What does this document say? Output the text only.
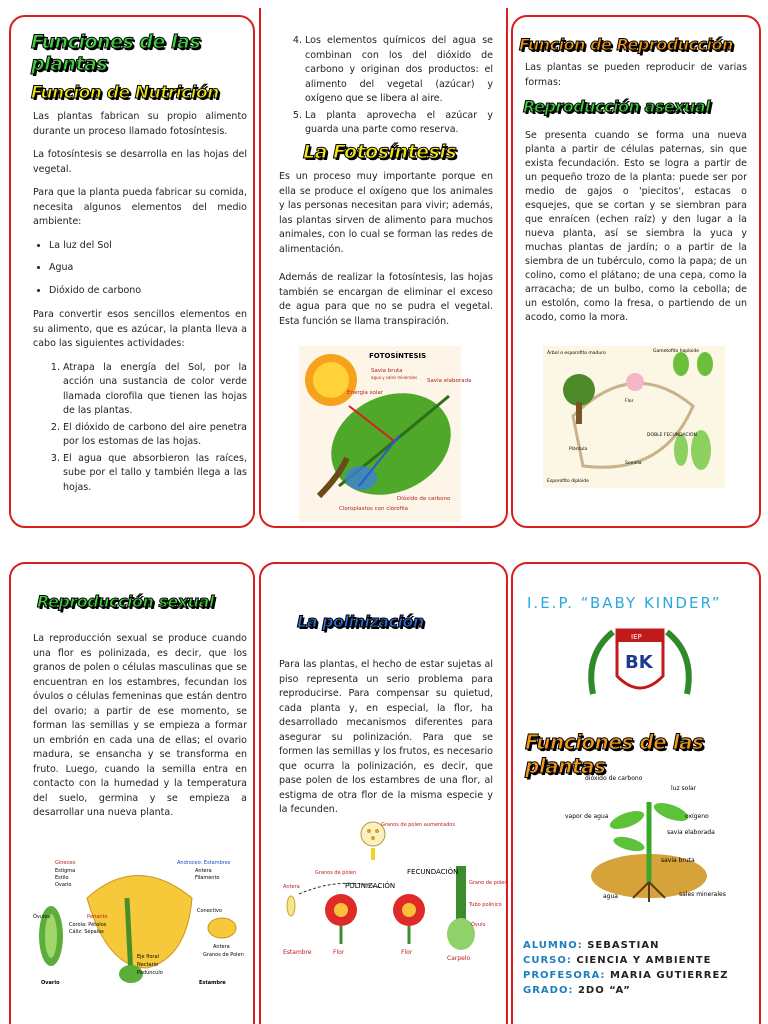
Funciones de las plantas
Funcion de Nutrición

Las plantas fabrican su propio alimento durante un proceso llamado fotosíntesis.

La fotosíntesis se desarrolla en las hojas del vegetal.

Para que la planta pueda fabricar su comida, necesita algunos elementos del medio ambiente:

• La luz del Sol
• Agua
• Dióxido de carbono

Para convertir esos sencillos elementos en su alimento, que es azúcar, la planta lleva a cabo las siguientes actividades:

1. Atrapa la energía del Sol, por la acción una sustancia de color verde llamada clorofila que tienen las hojas de las plantas.
2. El dióxido de carbono del aire penetra por los estomas de las hojas.
3. El agua que absorbieron las raíces, sube por el tallo y también llega a las hojas.
4. Los elementos químicos del agua se combinan con los del dióxido de carbono y originan dos productos: el alimento del vegetal (azúcar) y oxígeno que se libera al aire.
5. La planta aprovecha el azúcar y guarda una parte como reserva.
La Fotosíntesis

Es un proceso muy importante porque en ella se produce el oxígeno que los animales y las personas necesitan para vivir; además, las plantas sirven de alimento para muchos animales, con lo cual se forman las redes de alimentación.

Además de realizar la fotosíntesis, las hojas también se encargan de eliminar el exceso de agua para que no se pudra el vegetal. Esta función se llama transpiración.

FOTOSÍNTESIS
Savia bruta
agua y sales minerales
Savia elaborada
Energía solar
Cloroplastos con clorofila
Dióxido de carbono
Funcion de Reproducción
Las plantas se pueden reproducir de varias formas:
Reproducción asexual
Se presenta cuando se forma una nueva planta a partir de células paternas, sin que exista fecundación. Esto se logra a partir de un pequeño trozo de la planta: puede ser por medio de gajos o 'piecitos', estacas o esquejes, que se cortan y se siembran para que enraícen (echen raíz) y den lugar a la nueva planta, así se siembra la yuca y muchas plantas de jardín; o a partir de la siembra de un tubérculo, como la papa; de un colino, como el plátano; de una cepa, como la arracacha; de un bulbo, como la cebolla; de un estolón, como la fresa, o partiendo de un acodo, como la mora.
Árbol o esporofito maduro	Gametofito haploide
Flor
Semilla
Plántula
Esporofito diploide
DOBLE FECUNDACIÓN
Reproducción sexual
La reproducción sexual se produce cuando una flor es polinizada, es decir, que los granos de polen o células masculinas que se encuentran en los estambres, fecundan los óvulos o células femeninas que están dentro del ovario; a partir de ese momento, se forman las semillas y se empieza a formar un embrión en cada una de ellas; el ovario madura, se ensancha y se transforma en fruto. Luego, cuando la semilla entra en contacto con la humedad y la temperatura del suelo, germina y se empieza a desarrollar una nueva planta.
Gineceo
Estigma
Estilo
Ovario
Androceo: Estambres
Antera
Filamento
Óvulos	Perianto
Corola: Pétalos
Cáliz: Sépalos
Conectivo
Eje floral
Nectario
Pedúnculo
Antera
Granos de Polen
Ovario	Estambre
La polinización
Para las plantas, el hecho de estar sujetas al piso representa un serio problema para reproducirse. Para compensar su quietud, cada planta y, en especial, la flor, ha desarrollado mecanismos diferentes para asegurar su polinización. Para que se formen las semillas y los frutos, es necesario que ocurra la polinización, es decir, que pase polen de los estambres de una flor, al estigma de otra flor de la misma especie y la fecunden.
Granos de polen aumentados
Granos de polen	FECUNDACIÓN
Grano de polen
Tubo polínico
Antera	POLINIZACIÓN
Óvulo
Estambre	Flor	Flor
Carpelo
I.E.P. “BABY KINDER”
IEP
BK
Funciones de las plantas
dióxido de carbono
luz solar
vapor de agua	oxígeno
savia elaborada
savia bruta
agua	sales minerales
ALUMNO: SEBASTIAN
CURSO: CIENCIA Y AMBIENTE
PROFESORA: MARIA GUTIERREZ
GRADO: 2DO “A”
